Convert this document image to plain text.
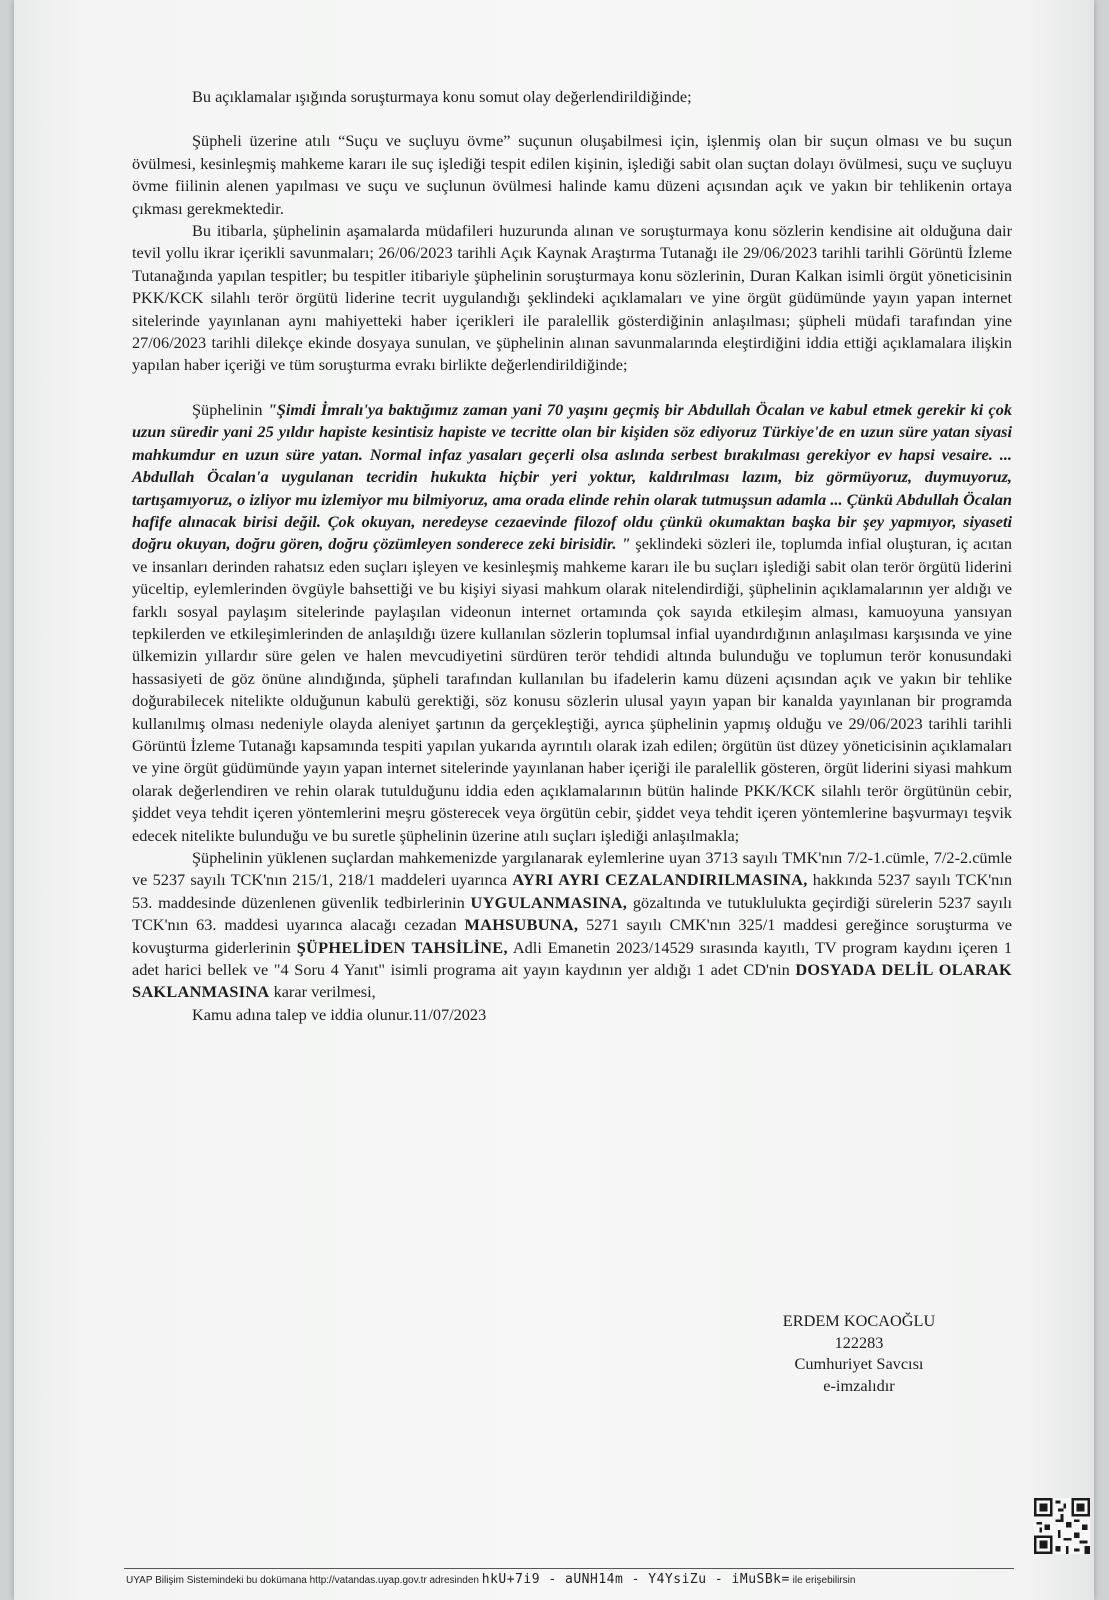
Bu açıklamalar ışığında soruşturmaya konu somut olay değerlendirildiğinde;

Şüpheli üzerine atılı “Suçu ve suçluyu övme” suçunun oluşabilmesi için, işlenmiş olan bir suçun olması ve bu suçun övülmesi, kesinleşmiş mahkeme kararı ile suç işlediği tespit edilen kişinin, işlediği sabit olan suçtan dolayı övülmesi, suçu ve suçluyu övme fiilinin alenen yapılması ve suçu ve suçlunun övülmesi halinde kamu düzeni açısından açık ve yakın bir tehlikenin ortaya çıkması gerekmektedir.

Bu itibarla, şüphelinin aşamalarda müdafileri huzurunda alınan ve soruşturmaya konu sözlerin kendisine ait olduğuna dair tevil yollu ikrar içerikli savunmaları; 26/06/2023 tarihli Açık Kaynak Araştırma Tutanağı ile 29/06/2023 tarihli tarihli Görüntü İzleme Tutanağında yapılan tespitler; bu tespitler itibariyle şüphelinin soruşturmaya konu sözlerinin, Duran Kalkan isimli örgüt yöneticisinin PKK/KCK silahlı terör örgütü liderine tecrit uygulandığı şeklindeki açıklamaları ve yine örgüt güdümünde yayın yapan internet sitelerinde yayınlanan aynı mahiyetteki haber içerikleri ile paralellik gösterdiğinin anlaşılması; şüpheli müdafi tarafından yine 27/06/2023 tarihli dilekçe ekinde dosyaya sunulan, ve şüphelinin alınan savunmalarında eleştirdiğini iddia ettiği açıklamalara ilişkin yapılan haber içeriği ve tüm soruşturma evrakı birlikte değerlendirildiğinde;

Şüphelinin "Şimdi İmralı'ya baktığımız zaman yani 70 yaşını geçmiş bir Abdullah Öcalan ve kabul etmek gerekir ki çok uzun süredir yani 25 yıldır hapiste kesintisiz hapiste ve tecritte olan bir kişiden söz ediyoruz Türkiye'de en uzun süre yatan siyasi mahkumdur en uzun süre yatan. Normal infaz yasaları geçerli olsa aslında serbest bırakılması gerekiyor ev hapsi vesaire. ... Abdullah Öcalan'a uygulanan tecridin hukukta hiçbir yeri yoktur, kaldırılması lazım, biz görmüyoruz, duymuyoruz, tartışamıyoruz, o izliyor mu izlemiyor mu bilmiyoruz, ama orada elinde rehin olarak tutmuşsun adamla ... Çünkü Abdullah Öcalan hafife alınacak birisi değil. Çok okuyan, neredeyse cezaevinde filozof oldu çünkü okumaktan başka bir şey yapmıyor, siyaseti doğru okuyan, doğru gören, doğru çözümleyen sonderece zeki birisidir. " şeklindeki sözleri ile, toplumda infial oluşturan, iç acıtan ve insanları derinden rahatsız eden suçları işleyen ve kesinleşmiş mahkeme kararı ile bu suçları işlediği sabit olan terör örgütü liderini yüceltip, eylemlerinden övgüyle bahsettiği ve bu kişiyi siyasi mahkum olarak nitelendirdiği, şüphelinin açıklamalarının yer aldığı ve farklı sosyal paylaşım sitelerinde paylaşılan videonun internet ortamında çok sayıda etkileşim alması, kamuoyuna yansıyan tepkilerden ve etkileşimlerinden de anlaşıldığı üzere kullanılan sözlerin toplumsal infial uyandırdığının anlaşılması karşısında ve yine ülkemizin yıllardır süre gelen ve halen mevcudiyetini sürdüren terör tehdidi altında bulunduğu ve toplumun terör konusundaki hassasiyeti de göz önüne alındığında, şüpheli tarafından kullanılan bu ifadelerin kamu düzeni açısından açık ve yakın bir tehlike doğurabilecek nitelikte olduğunun kabulü gerektiği, söz konusu sözlerin ulusal yayın yapan bir kanalda yayınlanan bir programda kullanılmış olması nedeniyle olayda aleniyet şartının da gerçekleştiği, ayrıca şüphelinin yapmış olduğu ve 29/06/2023 tarihli tarihli Görüntü İzleme Tutanağı kapsamında tespiti yapılan yukarıda ayrıntılı olarak izah edilen; örgütün üst düzey yöneticisinin açıklamaları ve yine örgüt güdümünde yayın yapan internet sitelerinde yayınlanan haber içeriği ile paralellik gösteren, örgüt liderini siyasi mahkum olarak değerlendiren ve rehin olarak tutulduğunu iddia eden açıklamalarının bütün halinde PKK/KCK silahlı terör örgütünün cebir, şiddet veya tehdit içeren yöntemlerini meşru gösterecek veya örgütün cebir, şiddet veya tehdit içeren yöntemlerine başvurmayı teşvik edecek nitelikte bulunduğu ve bu suretle şüphelinin üzerine atılı suçları işlediği anlaşılmakla;

Şüphelinin yüklenen suçlardan mahkemenizde yargılanarak eylemlerine uyan 3713 sayılı TMK'nın 7/2-1.cümle, 7/2-2.cümle ve 5237 sayılı TCK'nın 215/1, 218/1 maddeleri uyarınca AYRI AYRI CEZALANDIRILMASINA, hakkında 5237 sayılı TCK'nın 53. maddesinde düzenlenen güvenlik tedbirlerinin UYGULANMASINA, gözaltında ve tutuklulukta geçirdiği sürelerin 5237 sayılı TCK'nın 63. maddesi uyarınca alacağı cezadan MAHSUBUNA, 5271 sayılı CMK'nın 325/1 maddesi gereğince soruşturma ve kovuşturma giderlerinin ŞÜPHELİDEN TAHSİLİNE, Adli Emanetin 2023/14529 sırasında kayıtlı, TV program kaydını içeren 1 adet harici bellek ve "4 Soru 4 Yanıt" isimli programa ait yayın kaydının yer aldığı 1 adet CD'nin DOSYADA DELİL OLARAK SAKLANMASINA karar verilmesi,

Kamu adına talep ve iddia olunur.11/07/2023

ERDEM KOCAOĞLU
122283
Cumhuriyet Savcısı
e-imzalıdır
UYAP Bilişim Sistemindeki bu dokümana http://vatandas.uyap.gov.tr adresinden hkU+7i9 - aUNH14m - Y4YsiZu - iMuSBk= ile erişebilirsin
